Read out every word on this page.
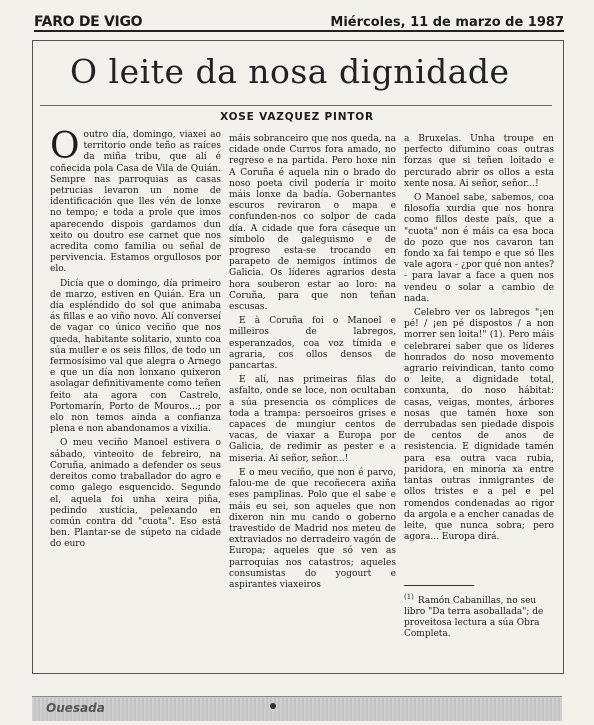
FARO DE VIGO	Miércoles, 11 de marzo de 1987
O leite da nosa dignidade
XOSE VAZQUEZ PINTOR

Ooutro día, domingo, viaxei ao territorio onde teño as raíces da miña tribu, que alí é coñecida pola Casa de Vila de Quián. Sempre nas parroquias as casas petrucias levaron un nome de identificación que lles vén de lonxe no tempo; e toda a prole que imos aparecendo dispois gardamos dun xeito ou doutro ese carnet que nos acredita como familia ou señal de pervivencia. Estamos orgullosos por elo.

Dicía que o domingo, día primeiro de marzo, estiven en Quián. Era un día espléndido do sol que animaba ás fillas e ao viño novo. Alí converseí de vagar co único veciño que nos queda, habitante solitario, xunto coa súa muller e os seis fillos, de todo un fermosísimo val que alegra o Arnego e que un día non lonxano quixeron asolagar definitivamente como teñen feito ata agora con Castrelo, Portomarín, Porto de Mouros...; por elo non temos ainda a confianza plena e non abandonamos a vixilia.

O meu veciño Manoel estivera o sábado, vinteoito de febreiro, na Coruña, animado a defender os seus dereitos como traballador do agro e como galego esquencido. Segundo el, aquela foi unha xeira piña, pedindo xustícia, pelexando en común contra dd "cuota". Eso está ben. Plantar-se de súpeto na cidade do euro

máis sobranceiro que nos queda, na cidade onde Curros fora amado, no regreso e na partida. Pero hoxe nin A Coruña é aquela nin o brado do noso poeta civil podería ir moito máis lonxe da badía. Gobernantes escuros reviraron o mapa e confunden-nos co solpor de cada día. A cidade que fora cáseque un símbolo de galeguismo e de progreso esta-se trocando en parapeto de nemigos íntimos de Galicia. Os líderes agrarios desta hora souberon estar ao loro: na Coruña, para que non teñan escusas.

E à Coruña foi o Manoel e milleiros de labregos, esperanzados, coa voz tímida e agraria, cos ollos densos de pancartas.

E alí, nas primeiras filas do asfalto, onde se loce, non ocultaban a súa presencia os cómplices de toda a trampa: persoeiros grises e capaces de mungiur centos de vacas, de viaxar a Europa por Galicia, de redimir as pester e a miseria. Ai señor, señor...!

E o meu veciño, que non é parvo, falou-me de que recoñecera axiña eses pamplinas. Polo que el sabe e máis eu sei, son aqueles que non dixeron nin mu cando o goberno travestido de Madrid nos meteu de extraviados no derradeiro vagón de Europa; aqueles que só ven as parroquias nos catastros; aqueles consumistas do yogourt e aspirantes viaxeiros

a Bruxelas. Unha troupe en perfecto difumino coas outras forzas que si teñen loitado e percurado abrir os ollos a esta xente nosa. Ai señor, señor...!

O Manoel sabe, sabemos, coa filosofía xurdia que nos honra como fillos deste país, que a "cuota" non é máis ca esa boca do pozo que nos cavaron tan fondo xa fai tempo e que só lles vale agora - ¿por qué non antes? - para lavar a face a quen nos vendeu o solar a cambio de nada.

Celebro ver os labregos "¡en pé! / ¡en pé dispostos / a non morrer sen loita!" (1). Pero máis celebrarei saber que os líderes honrados do noso movemento agrario reivindican, tanto como o leite, a dignidade total, conxunta, do noso hábitat: casas, veigas, montes, árbores nosas que tamén hoxe son derrubadas sen piedade dispois de centos de anos de resistencia. E dignidade tamén para esa outra vaca rubia, paridora, en minoría xa entre tantas outras inmigrantes de ollos tristes e a pel e pel romendos condenadas ao rigor da argola e a encher canadas de leite, que nunca sobra; pero agora... Europa dirá.

$^{(1)}$ Ramón Cabanillas, no seu libro "Da terra asoballada"; de proveitosa lectura a súa Obra Completa.
Ouesada
